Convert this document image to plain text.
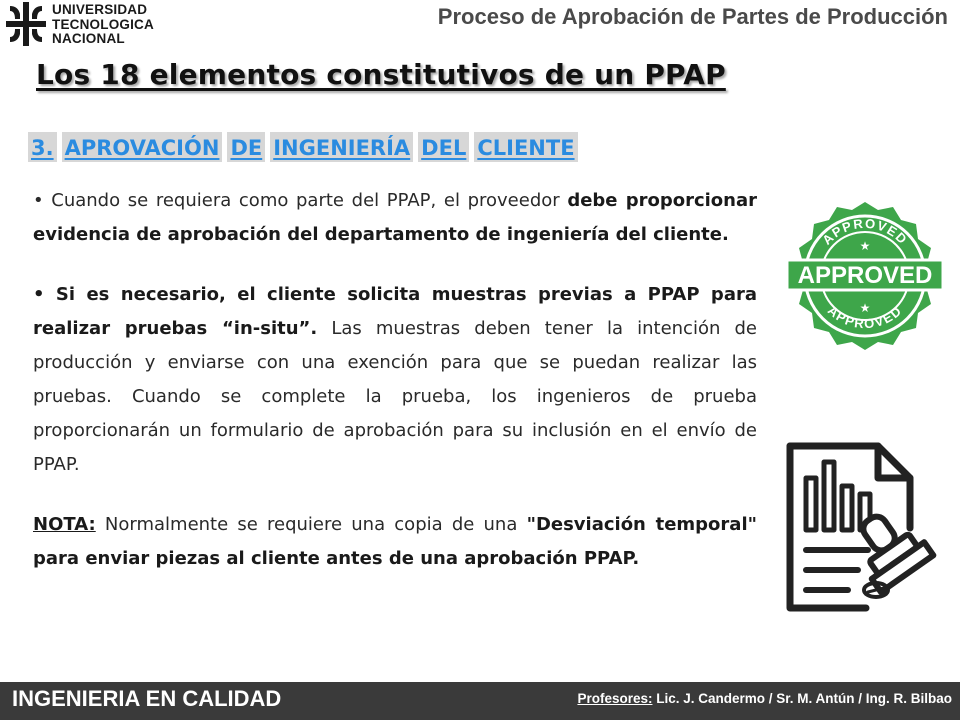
UNIVERSIDAD
TECNOLOGICA
NACIONAL
Proceso de Aprobación de Partes de Producción
Los 18 elementos constitutivos de un PPAP
3. APROVACIÓN DE INGENIERÍA DEL CLIENTE

• Cuando se requiera como parte del PPAP, el proveedor debe proporcionar evidencia de aprobación del departamento de ingeniería del cliente.

• Si es necesario, el cliente solicita muestras previas a PPAP para realizar pruebas “in-situ”. Las muestras deben tener la intención de producción y enviarse con una exención para que se puedan realizar las pruebas. Cuando se complete la prueba, los ingenieros de prueba proporcionarán un formulario de aprobación para su inclusión en el envío de PPAP.

NOTA: Normalmente se requiere una copia de una "Desviación temporal" para enviar piezas al cliente antes de una aprobación PPAP.

APPROVED
APPROVED
APPROVED
★
★
INGENIERIA EN CALIDAD	Profesores: Lic. J. Candermo / Sr. M. Antún / Ing. R. Bilbao
